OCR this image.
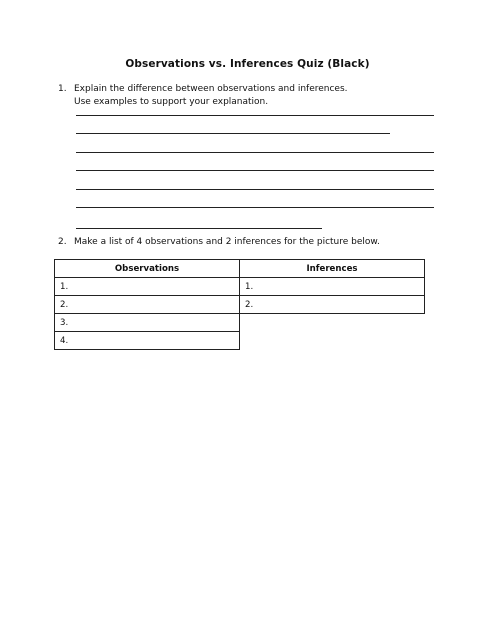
Observations vs. Inferences Quiz (Black)
1. Explain the difference between observations and inferences.
Use examples to support your explanation.
2. Make a list of 4 observations and 2 inferences for the picture below.
Observations	Inferences
1.	1.
2.	2.
3.	
4.	
